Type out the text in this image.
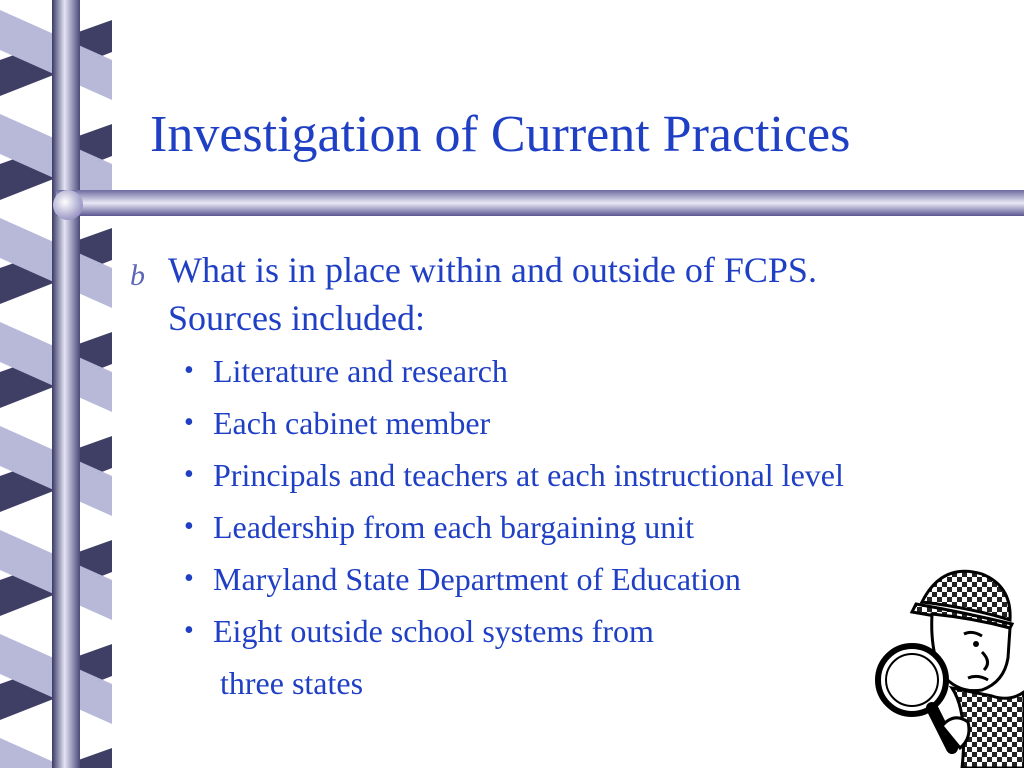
Investigation of Current Practices
b What is in place within and outside of FCPS. Sources included:
• Literature and research
• Each cabinet member
• Principals and teachers at each instructional level
• Leadership from each bargaining unit
• Maryland State Department of Education
• Eight outside school systems from
three states
